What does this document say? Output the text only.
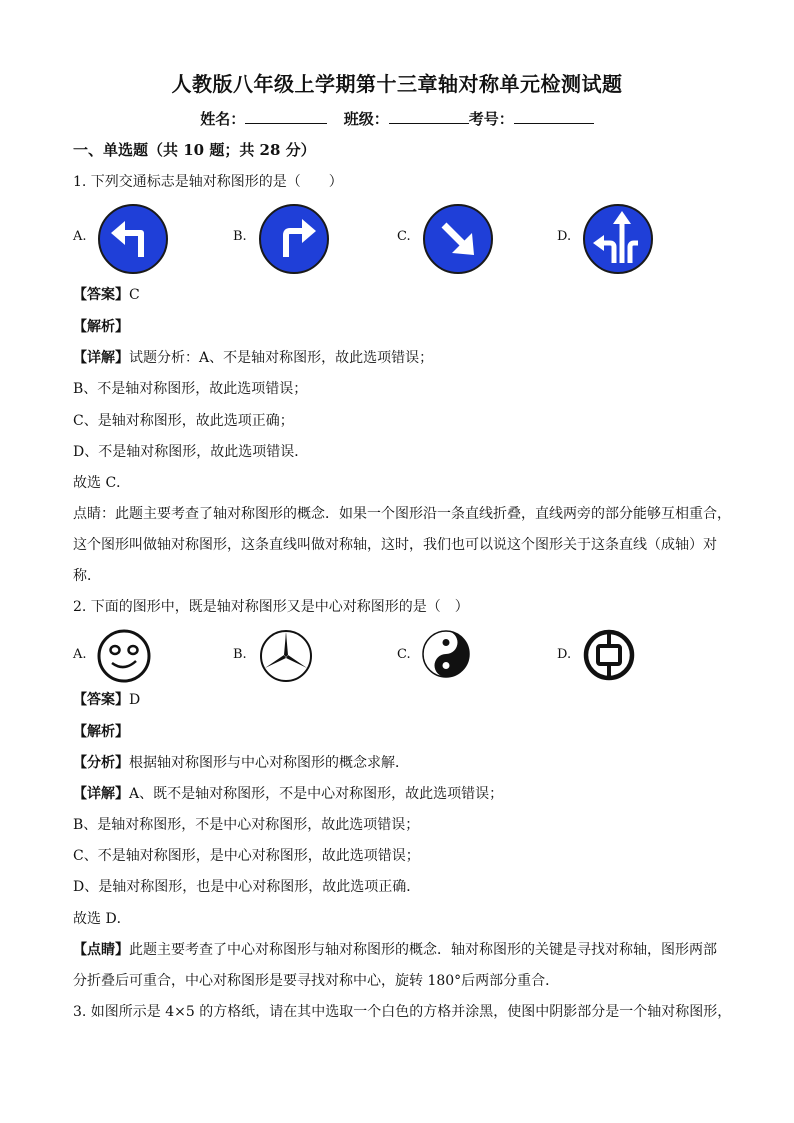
人教版八年级上学期第十三章轴对称单元检测试题
姓名：	班级：	考号：
一、单选题（共 10 题；共 28 分）
1. 下列交通标志是轴对称图形的是（　　）
A.	B.	C.	D.
【答案】C
【解析】
【详解】试题分析：A、不是轴对称图形，故此选项错误；
B、不是轴对称图形，故此选项错误；
C、是轴对称图形，故此选项正确；
D、不是轴对称图形，故此选项错误．
故选 C．
点睛：此题主要考查了轴对称图形的概念．如果一个图形沿一条直线折叠，直线两旁的部分能够互相重合，
这个图形叫做轴对称图形，这条直线叫做对称轴，这时，我们也可以说这个图形关于这条直线（成轴）对
称．
2. 下面的图形中，既是轴对称图形又是中心对称图形的是（　）
A.	B.	C.	D.
【答案】D
【解析】
【分析】根据轴对称图形与中心对称图形的概念求解．
【详解】A、既不是轴对称图形，不是中心对称图形，故此选项错误；
B、是轴对称图形，不是中心对称图形，故此选项错误；
C、不是轴对称图形，是中心对称图形，故此选项错误；
D、是轴对称图形，也是中心对称图形，故此选项正确．
故选 D．
【点睛】此题主要考查了中心对称图形与轴对称图形的概念．轴对称图形的关键是寻找对称轴，图形两部
分折叠后可重合，中心对称图形是要寻找对称中心，旋转 180°后两部分重合．
3. 如图所示是 4×5 的方格纸，请在其中选取一个白色的方格并涂黑，使图中阴影部分是一个轴对称图形，
